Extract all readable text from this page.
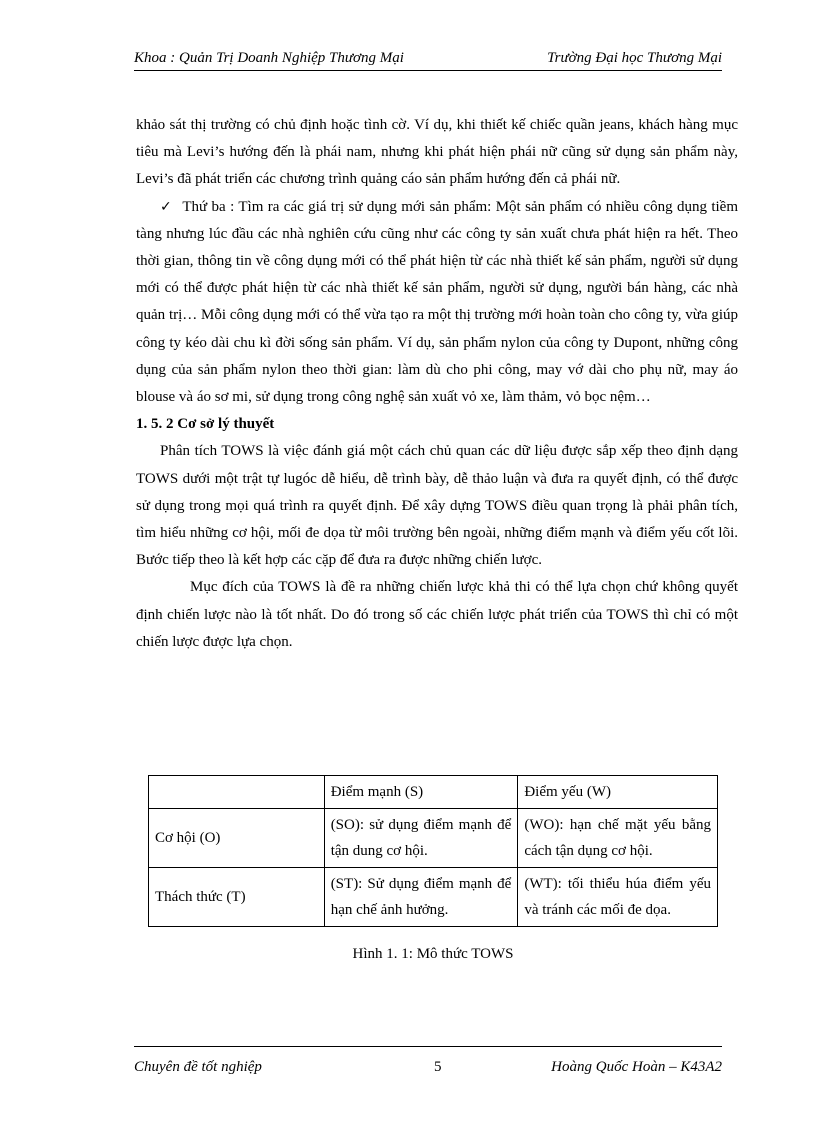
Khoa : Quản Trị Doanh Nghiệp Thương Mại	Trường Đại học Thương Mại

khảo sát thị trường có chủ định hoặc tình cờ. Ví dụ, khi thiết kế chiếc quần jeans, khách hàng mục tiêu mà Levi’s hướng đến là phái nam, nhưng khi phát hiện phái nữ cũng sử dụng sản phẩm này, Levi’s đã phát triển các chương trình quảng cáo sản phẩm hướng đến cả phái nữ.

✓ Thứ ba : Tìm ra các giá trị sử dụng mới sản phẩm: Một sản phẩm có nhiều công dụng tiềm tàng nhưng lúc đầu các nhà nghiên cứu cũng như các công ty sản xuất chưa phát hiện ra hết. Theo thời gian, thông tin về công dụng mới có thể phát hiện từ các nhà thiết kế sản phẩm, người sử dụng mới có thể được phát hiện từ các nhà thiết kế sản phẩm, người sử dụng, người bán hàng, các nhà quản trị… Mỗi công dụng mới có thể vừa tạo ra một thị trường mới hoàn toàn cho công ty, vừa giúp công ty kéo dài chu kì đời sống sản phẩm. Ví dụ, sản phẩm nylon của công ty Dupont, những công dụng của sản phẩm nylon theo thời gian: làm dù cho phi công, may vớ dài cho phụ nữ, may áo blouse và áo sơ mi, sử dụng trong công nghệ sản xuất vỏ xe, làm thảm, vỏ bọc nệm…

1. 5. 2 Cơ sở lý thuyết

Phân tích TOWS là việc đánh giá một cách chủ quan các dữ liệu được sắp xếp theo định dạng TOWS dưới một trật tự lugóc dễ hiểu, dễ trình bày, dễ thảo luận và đưa ra quyết định, có thể được sử dụng trong mọi quá trình ra quyết định. Để xây dựng TOWS điều quan trọng là phải phân tích, tìm hiểu những cơ hội, mối đe dọa từ môi trường bên ngoài, những điểm mạnh và điểm yếu cốt lõi. Bước tiếp theo là kết hợp các cặp để đưa ra được những chiến lược.

Mục đích của TOWS là đề ra những chiến lược khả thi có thể lựa chọn chứ không quyết định chiến lược nào là tốt nhất. Do đó trong số các chiến lược phát triển của TOWS thì chỉ có một chiến lược được lựa chọn.

	Điểm mạnh (S)	Điểm yếu (W)
Cơ hội (O)	(SO): sử dụng điểm mạnh để tận dung cơ hội.	(WO): hạn chế mặt yếu bằng cách tận dụng cơ hội.
Thách thức (T)	(ST): Sử dụng điểm mạnh để hạn chế ảnh hưởng.	(WT): tối thiểu húa điểm yếu và tránh các mối đe dọa.
Hình 1. 1: Mô thức TOWS
Chuyên đề tốt nghiệp	5	Hoàng Quốc Hoàn – K43A2
